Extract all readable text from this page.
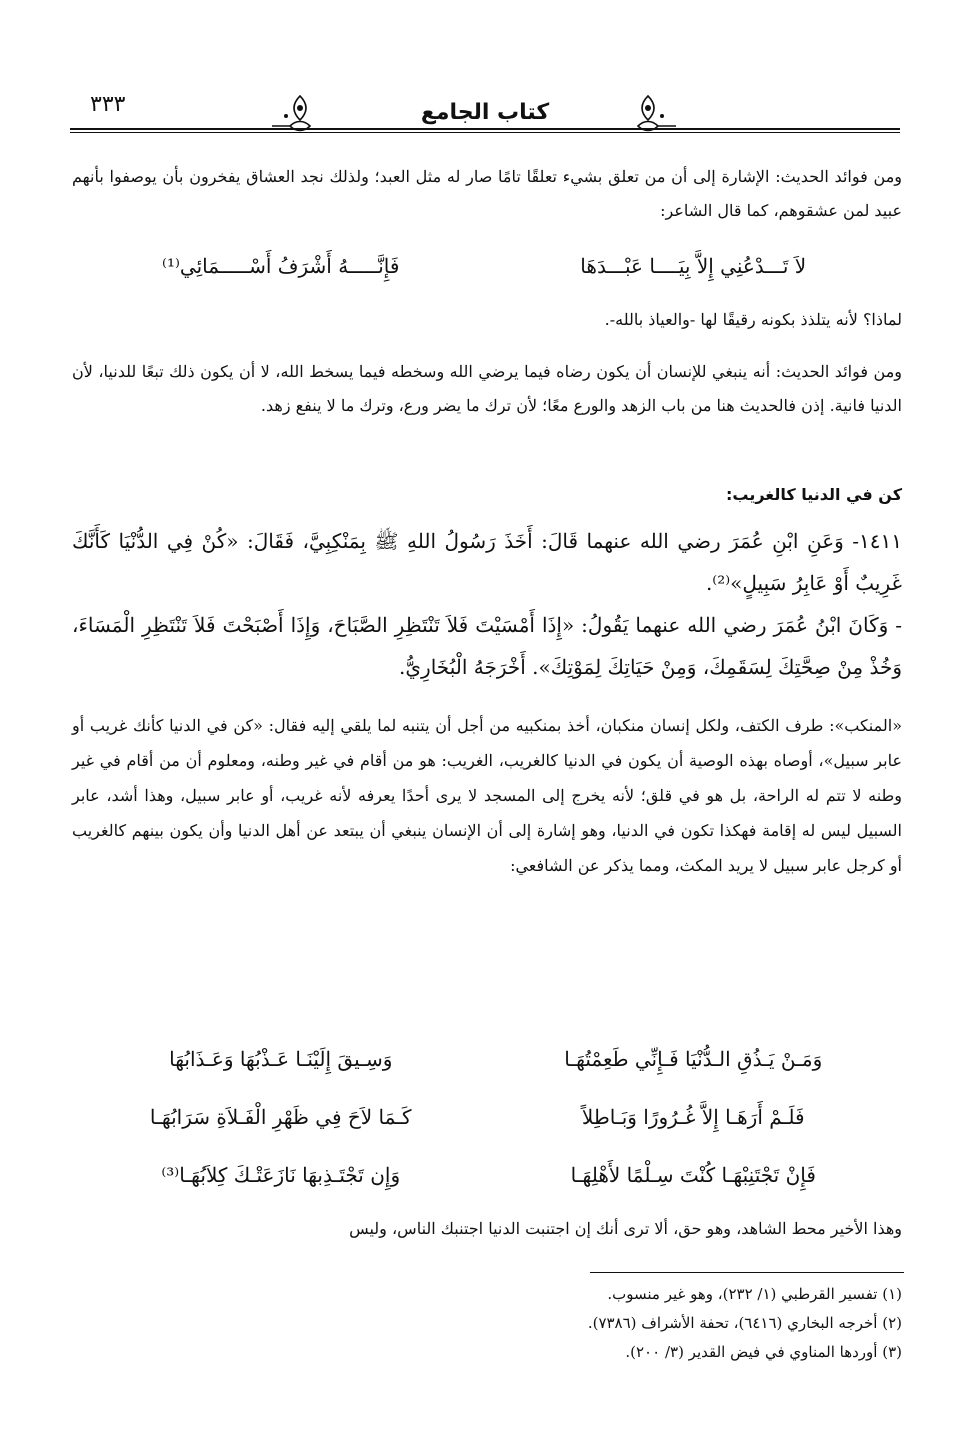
٣٣٣	كتاب الجامع

ومن فوائد الحديث: الإشارة إلى أن من تعلق بشيء تعلقًا تامًا صار له مثل العبد؛ ولذلك نجد العشاق يفخرون بأن يوصفوا بأنهم عبيد لمن عشقوهم، كما قال الشاعر:

لاَ تَـــدْعُنِي إِلاَّ بِيَــــا عَبْـــدَهَا
فَإِنَّـــــهُ أَشْرَفُ أَسْـــــمَائِي⁽¹⁾

لماذا؟ لأنه يتلذذ بكونه رقيقًا لها -والعياذ بالله-.

ومن فوائد الحديث: أنه ينبغي للإنسان أن يكون رضاه فيما يرضي الله وسخطه فيما يسخط الله، لا أن يكون ذلك تبعًا للدنيا، لأن الدنيا فانية. إذن فالحديث هنا من باب الزهد والورع معًا؛ لأن ترك ما يضر ورع، وترك ما لا ينفع زهد.

كن في الدنيا كالغريب:

١٤١١- وَعَنِ ابْنِ عُمَرَ رضي الله عنهما قَالَ: أَخَذَ رَسُولُ اللهِ ﷺ بِمَنْكِبِيَّ، فَقَالَ: «كُنْ فِي الدُّنْيَا كَأَنَّكَ غَرِيبٌ أَوْ عَابِرُ سَبِيلٍ»⁽²⁾.

- وَكَانَ ابْنُ عُمَرَ رضي الله عنهما يَقُولُ: «إِذَا أَمْسَيْتَ فَلاَ تَنْتَظِرِ الصَّبَاحَ، وَإِذَا أَصْبَحْتَ فَلاَ تَنْتَظِرِ الْمَسَاءَ، وَخُذْ مِنْ صِحَّتِكَ لِسَقَمِكَ، وَمِنْ حَيَاتِكَ لِمَوْتِكَ». أَخْرَجَهُ الْبُخَارِيُّ.

«المنكب»: طرف الكتف، ولكل إنسان منكبان، أخذ بمنكبيه من أجل أن يتنبه لما يلقي إليه فقال: «كن في الدنيا كأنك غريب أو عابر سبيل»، أوصاه بهذه الوصية أن يكون في الدنيا كالغريب، الغريب: هو من أقام في غير وطنه، ومعلوم أن من أقام في غير وطنه لا تتم له الراحة، بل هو في قلق؛ لأنه يخرج إلى المسجد لا يرى أحدًا يعرفه لأنه غريب، أو عابر سبيل، وهذا أشد، عابر السبيل ليس له إقامة فهكذا تكون في الدنيا، وهو إشارة إلى أن الإنسان ينبغي أن يبتعد عن أهل الدنيا وأن يكون بينهم كالغريب أو كرجل عابر سبيل لا يريد المكث، ومما يذكر عن الشافعي:

وَمَـنْ يَـذُقِ الـدُّنْيَا فَـإِنِّي طَعِمْتُهَـا
وَسِـيقَ إِلَيْنَـا عَـذْبُهَا وَعَـذَابُهَا
فَلَـمْ أَرَهَـا إِلاَّ غُـرُورًا وَبَـاطِلاً
كَـمَا لاَحَ فِي ظَهْرِ الْفَـلاَةِ سَرَابُهَـا
فَإِنْ تَجْتَنِبْهَـا كُنْتَ سِـلْمًا لأَهْلِهَـا
وَإِن تَجْتَـذِبهَا نَازَعَتْـكَ كِلاَبُهَـا⁽³⁾

وهذا الأخير محط الشاهد، وهو حق، ألا ترى أنك إن اجتنبت الدنيا اجتنبك الناس، وليس

(١) تفسير القرطبي (١/ ٢٣٢)، وهو غير منسوب.
(٢) أخرجه البخاري (٦٤١٦)، تحفة الأشراف (٧٣٨٦).
(٣) أوردها المناوي في فيض القدير (٣/ ٢٠٠).
